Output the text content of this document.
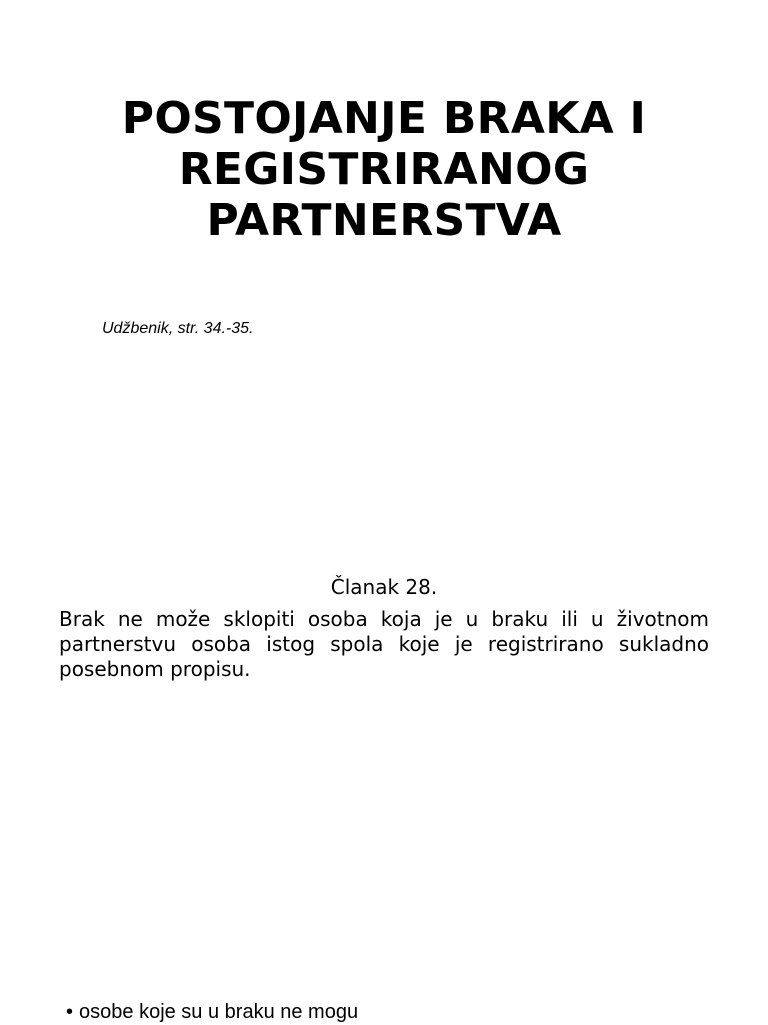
POSTOJANJE BRAKA I
REGISTRIRANOG
PARTNERSTVA
Udžbenik, str. 34.-35.
Članak 28.

Brak ne može sklopiti osoba koja je u braku ili u životnom partnerstvu osoba istog spola koje je registrirano sukladno posebnom propisu.

• osobe koje su u braku ne mogu
